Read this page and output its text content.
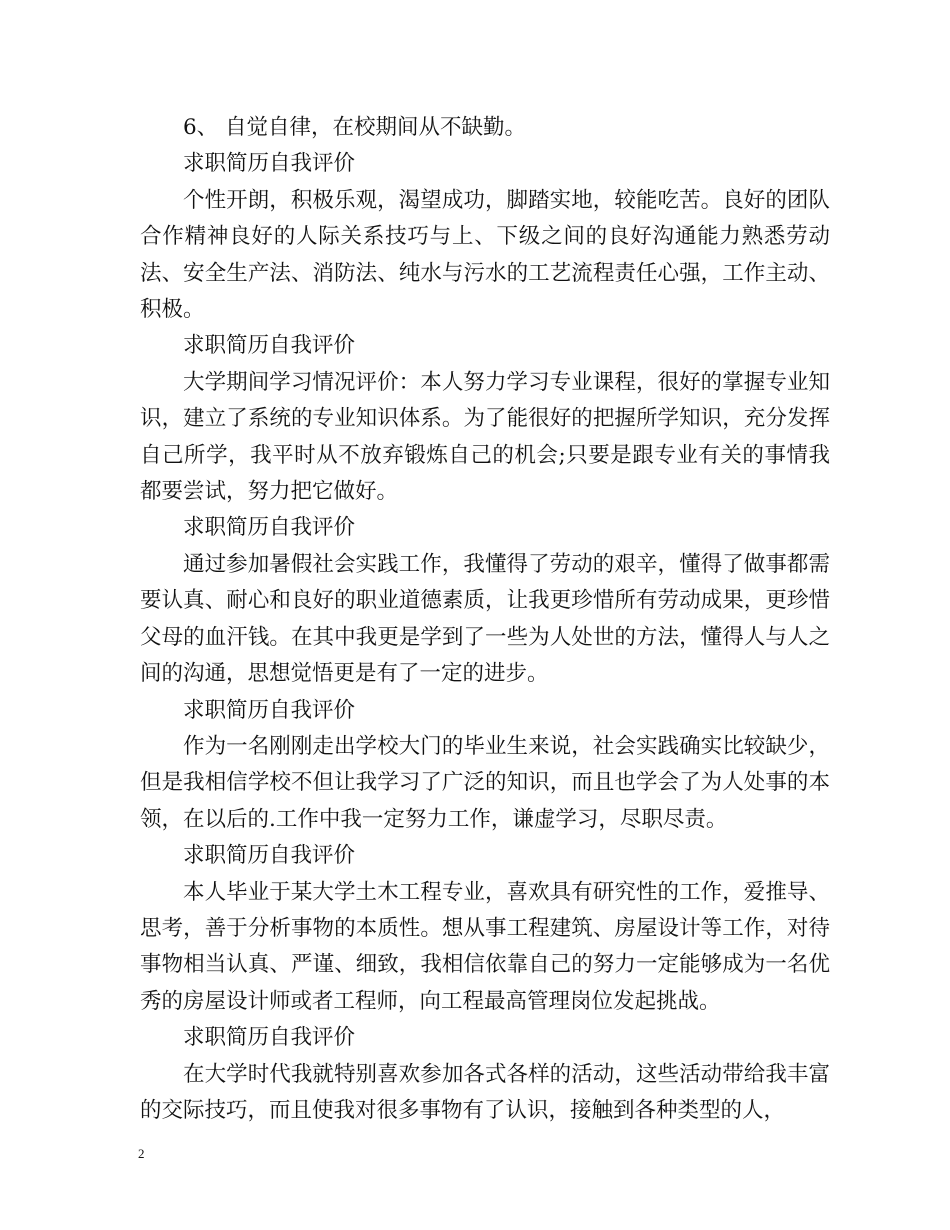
6、 自觉自律，在校期间从不缺勤。

求职简历自我评价

个性开朗，积极乐观，渴望成功，脚踏实地，较能吃苦。良好的团队合作精神良好的人际关系技巧与上、下级之间的良好沟通能力熟悉劳动法、安全生产法、消防法、纯水与污水的工艺流程责任心强，工作主动、积极。

求职简历自我评价

大学期间学习情况评价：本人努力学习专业课程，很好的掌握专业知识，建立了系统的专业知识体系。为了能很好的把握所学知识，充分发挥自己所学，我平时从不放弃锻炼自己的机会;只要是跟专业有关的事情我都要尝试，努力把它做好。

求职简历自我评价

通过参加暑假社会实践工作，我懂得了劳动的艰辛，懂得了做事都需要认真、耐心和良好的职业道德素质，让我更珍惜所有劳动成果，更珍惜父母的血汗钱。在其中我更是学到了一些为人处世的方法，懂得人与人之间的沟通，思想觉悟更是有了一定的进步。

求职简历自我评价

作为一名刚刚走出学校大门的毕业生来说，社会实践确实比较缺少，但是我相信学校不但让我学习了广泛的知识，而且也学会了为人处事的本领，在以后的.工作中我一定努力工作，谦虚学习，尽职尽责。

求职简历自我评价

本人毕业于某大学土木工程专业，喜欢具有研究性的工作，爱推导、思考，善于分析事物的本质性。想从事工程建筑、房屋设计等工作，对待事物相当认真、严谨、细致，我相信依靠自己的努力一定能够成为一名优秀的房屋设计师或者工程师，向工程最高管理岗位发起挑战。

求职简历自我评价

在大学时代我就特别喜欢参加各式各样的活动，这些活动带给我丰富的交际技巧，而且使我对很多事物有了认识，接触到各种类型的人，

2
